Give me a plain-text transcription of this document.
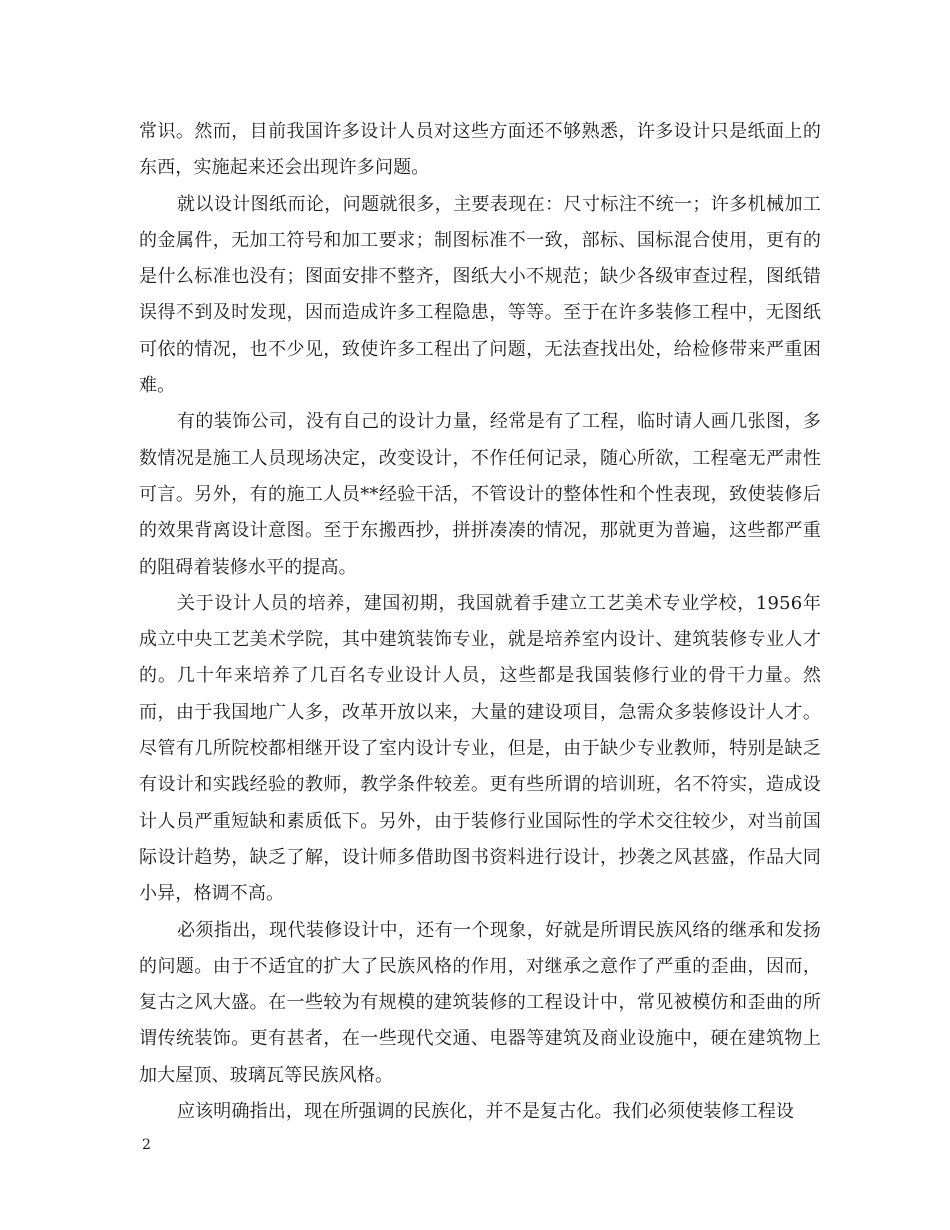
常识。然而，目前我国许多设计人员对这些方面还不够熟悉，许多设计只是纸面上的东西，实施起来还会出现许多问题。

就以设计图纸而论，问题就很多，主要表现在：尺寸标注不统一；许多机械加工的金属件，无加工符号和加工要求；制图标准不一致，部标、国标混合使用，更有的是什么标准也没有；图面安排不整齐，图纸大小不规范；缺少各级审查过程，图纸错误得不到及时发现，因而造成许多工程隐患，等等。至于在许多装修工程中，无图纸可依的情况，也不少见，致使许多工程出了问题，无法查找出处，给检修带来严重困难。

有的装饰公司，没有自己的设计力量，经常是有了工程，临时请人画几张图，多数情况是施工人员现场决定，改变设计，不作任何记录，随心所欲，工程毫无严肃性可言。另外，有的施工人员**经验干活，不管设计的整体性和个性表现，致使装修后的效果背离设计意图。至于东搬西抄，拼拼凑凑的情况，那就更为普遍，这些都严重的阻碍着装修水平的提高。

关于设计人员的培养，建国初期，我国就着手建立工艺美术专业学校，1956年成立中央工艺美术学院，其中建筑装饰专业，就是培养室内设计、建筑装修专业人才的。几十年来培养了几百名专业设计人员，这些都是我国装修行业的骨干力量。然而，由于我国地广人多，改革开放以来，大量的建设项目，急需众多装修设计人才。尽管有几所院校都相继开设了室内设计专业，但是，由于缺少专业教师，特别是缺乏有设计和实践经验的教师，教学条件较差。更有些所谓的培训班，名不符实，造成设计人员严重短缺和素质低下。另外，由于装修行业国际性的学术交往较少，对当前国际设计趋势，缺乏了解，设计师多借助图书资料进行设计，抄袭之风甚盛，作品大同小异，格调不高。

必须指出，现代装修设计中，还有一个现象，好就是所谓民族风络的继承和发扬的问题。由于不适宜的扩大了民族风格的作用，对继承之意作了严重的歪曲，因而，复古之风大盛。在一些较为有规模的建筑装修的工程设计中，常见被模仿和歪曲的所谓传统装饰。更有甚者，在一些现代交通、电器等建筑及商业设施中，硬在建筑物上加大屋顶、玻璃瓦等民族风格。

应该明确指出，现在所强调的民族化，并不是复古化。我们必须使装修工程设

2
